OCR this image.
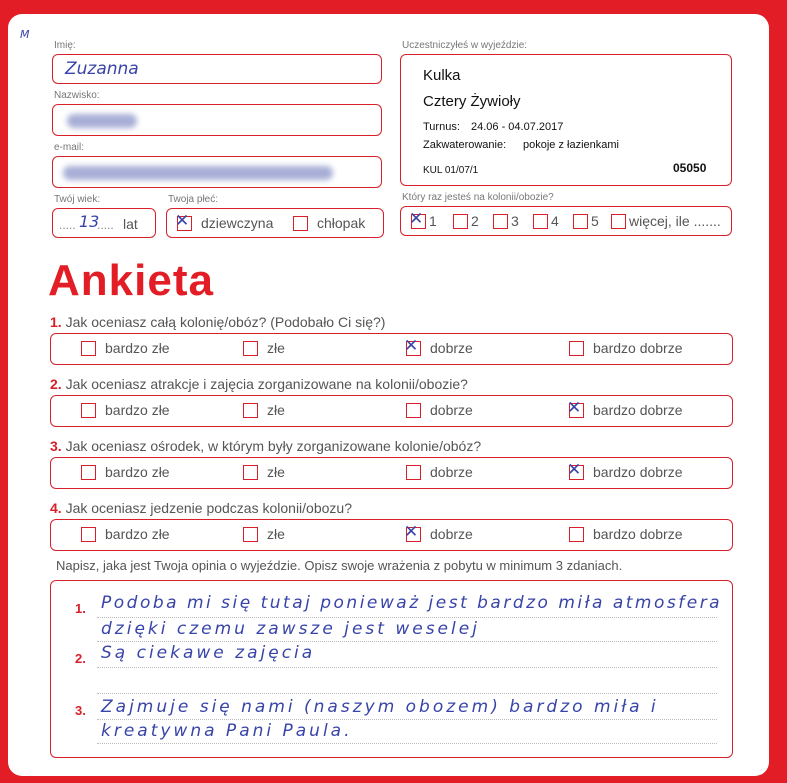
M
Imię:
Zuzanna
Nazwisko:
e-mail:
Twój wiek:
..... 13
..... lat
Twoja płeć:
✕ dziewczyna	chłopak
Uczestniczyłeś w wyjeździe:
Kulka
Cztery Żywioły
Turnus: 24.06 - 04.07.2017
Zakwaterowanie: pokoje z łazienkami
KUL 01/07/1	05050
Który raz jesteś na kolonii/obozie?
✕ 1 2 3 4 5 więcej, ile .......
Ankieta
1. Jak oceniasz całą kolonię/obóz? (Podobało Ci się?)
bardzo złe	złe	✕ dobrze	bardzo dobrze
2. Jak oceniasz atrakcje i zajęcia zorganizowane na kolonii/obozie?
bardzo złe	złe	dobrze	✕ bardzo dobrze
3. Jak oceniasz ośrodek, w którym były zorganizowane kolonie/obóz?
bardzo złe	złe	dobrze	✕ bardzo dobrze
4. Jak oceniasz jedzenie podczas kolonii/obozu?
bardzo złe	złe	✕ dobrze	bardzo dobrze
Napisz, jaka jest Twoja opinia o wyjeździe. Opisz swoje wrażenia z pobytu w minimum 3 zdaniach.
1.
2.
3.
Podoba mi się tutaj ponieważ jest bardzo miła atmosfera
dzięki czemu zawsze jest weselej
Są ciekawe zajęcia
Zajmuje się nami (naszym obozem) bardzo miła i
kreatywna Pani Paula.
